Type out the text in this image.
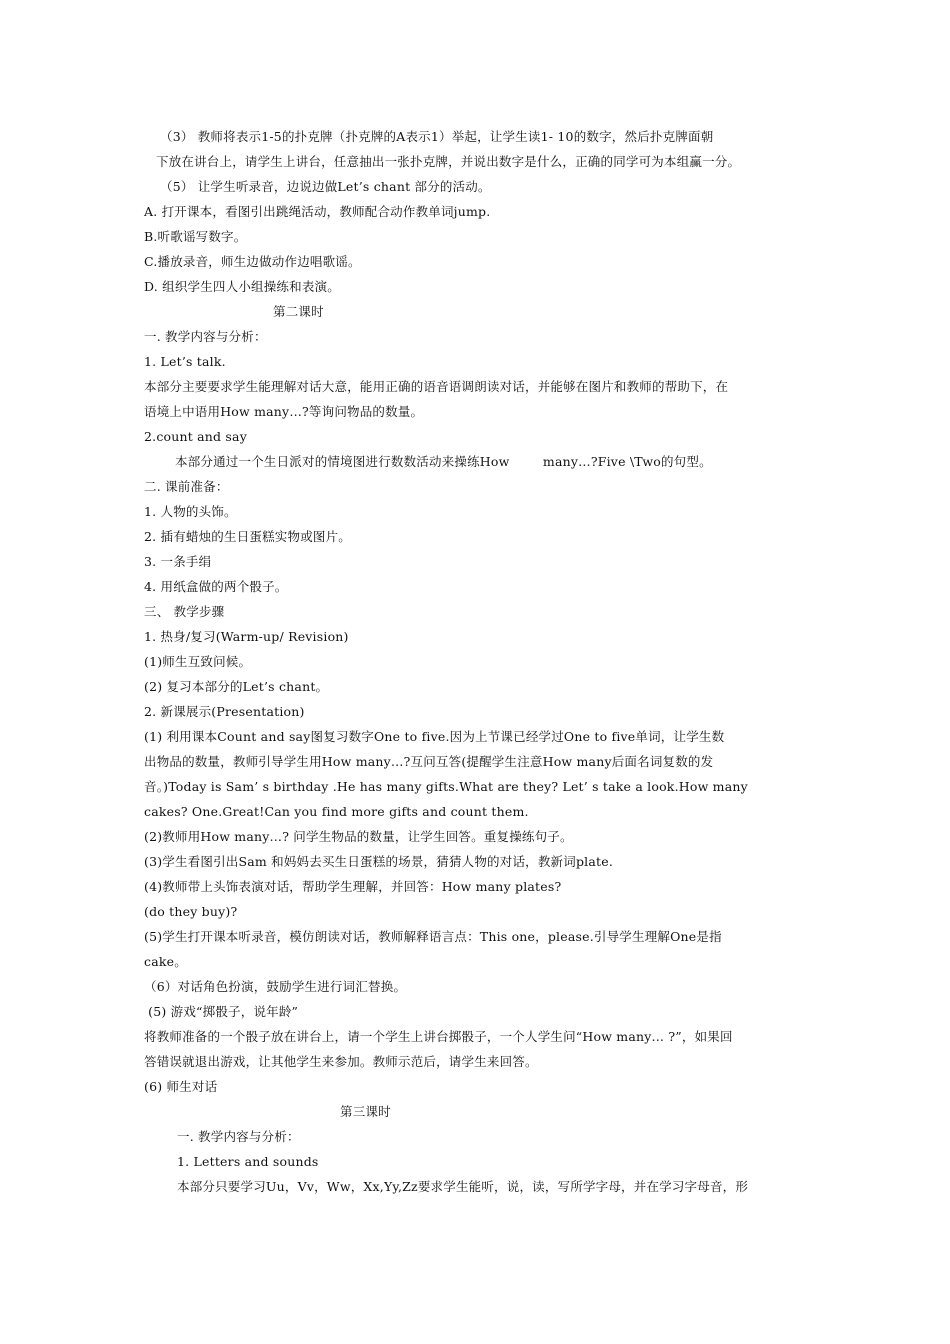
（3） 教师将表示1-5的扑克牌（扑克牌的A表示1）举起，让学生读1- 10的数字，然后扑克牌面朝
下放在讲台上，请学生上讲台，任意抽出一张扑克牌，并说出数字是什么，正确的同学可为本组赢一分。
（5） 让学生听录音，边说边做Let’s chant 部分的活动。
A. 打开课本，看图引出跳绳活动，教师配合动作教单词jump.
B.听歌谣写数字。
C.播放录音，师生边做动作边唱歌谣。
D. 组织学生四人小组操练和表演。
第二课时
一. 教学内容与分析：
1. Let’s talk.
本部分主要要求学生能理解对话大意，能用正确的语音语调朗读对话，并能够在图片和教师的帮助下，在
语境上中语用How many…?等询问物品的数量。
2.count and say
本部分通过一个生日派对的情境图进行数数活动来操练How        many…?Five \Two的句型。
二. 课前准备：
1. 人物的头饰。
2. 插有蜡烛的生日蛋糕实物或图片。
3. 一条手绢
4. 用纸盒做的两个骰子。
三、 教学步骤
1. 热身/复习(Warm-up/ Revision)
(1)师生互致问候。
(2) 复习本部分的Let’s chant。
2. 新课展示(Presentation)
(1) 利用课本Count and say图复习数字One to five.因为上节课已经学过One to five单词，让学生数
出物品的数量，教师引导学生用How many…?互问互答(提醒学生注意How many后面名词复数的发
音。)Today is Sam’ s birthday .He has many gifts.What are they? Let’ s take a look.How many
cakes? One.Great!Can you find more gifts and count them.
(2)教师用How many…? 问学生物品的数量，让学生回答。重复操练句子。
(3)学生看图引出Sam 和妈妈去买生日蛋糕的场景，猜猜人物的对话，教新词plate.
(4)教师带上头饰表演对话，帮助学生理解，并回答：How many plates?
(do they buy)?
(5)学生打开课本听录音，模仿朗读对话，教师解释语言点：This one，please.引导学生理解One是指
cake。
（6）对话角色扮演，鼓励学生进行词汇替换。
(5) 游戏“掷骰子，说年龄”
将教师准备的一个骰子放在讲台上，请一个学生上讲台掷骰子，一个人学生问“How many… ?”，如果回
答错误就退出游戏，让其他学生来参加。教师示范后，请学生来回答。
(6) 师生对话
第三课时
一. 教学内容与分析：
1. Letters and sounds
本部分只要学习Uu，Vv，Ww，Xx,Yy,Zz要求学生能听，说，读，写所学字母，并在学习字母音，形
